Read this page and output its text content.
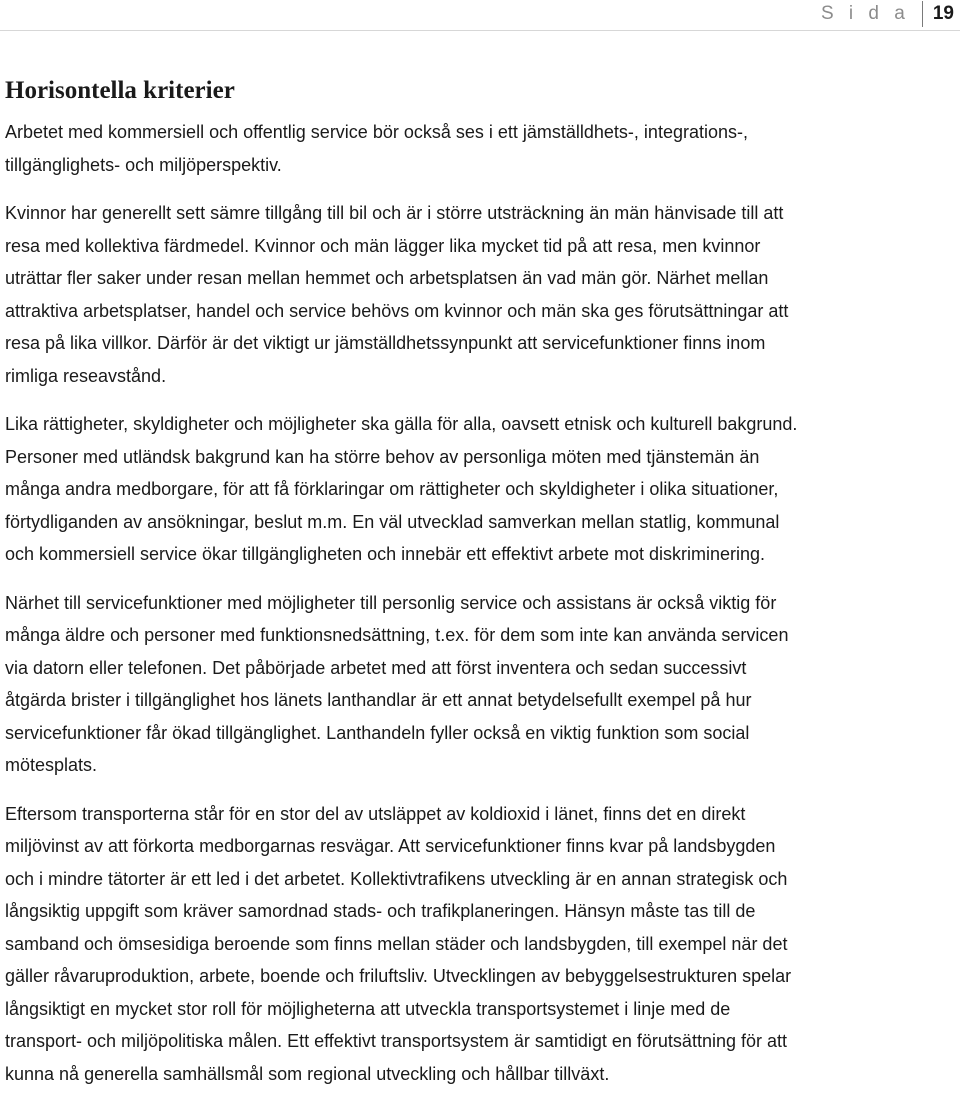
S i d a	19
Horisontella kriterier

Arbetet med kommersiell och offentlig service bör också ses i ett jämställdhets-, integrations-,

tillgänglighets- och miljöperspektiv.

Kvinnor har generellt sett sämre tillgång till bil och är i större utsträckning än män hänvisade till att

resa med kollektiva färdmedel. Kvinnor och män lägger lika mycket tid på att resa, men kvinnor

uträttar fler saker under resan mellan hemmet och arbetsplatsen än vad män gör. Närhet mellan

attraktiva arbetsplatser, handel och service behövs om kvinnor och män ska ges förutsättningar att

resa på lika villkor. Därför är det viktigt ur jämställdhetssynpunkt att servicefunktioner finns inom

rimliga reseavstånd.

Lika rättigheter, skyldigheter och möjligheter ska gälla för alla, oavsett etnisk och kulturell bakgrund.

Personer med utländsk bakgrund kan ha större behov av personliga möten med tjänstemän än

många andra medborgare, för att få förklaringar om rättigheter och skyldigheter i olika situationer,

förtydliganden av ansökningar, beslut m.m. En väl utvecklad samverkan mellan statlig, kommunal

och kommersiell service ökar tillgängligheten och innebär ett effektivt arbete mot diskriminering.

Närhet till servicefunktioner med möjligheter till personlig service och assistans är också viktig för

många äldre och personer med funktionsnedsättning, t.ex. för dem som inte kan använda servicen

via datorn eller telefonen. Det påbörjade arbetet med att först inventera och sedan successivt

åtgärda brister i tillgänglighet hos länets lanthandlar är ett annat betydelsefullt exempel på hur

servicefunktioner får ökad tillgänglighet. Lanthandeln fyller också en viktig funktion som social

mötesplats.

Eftersom transporterna står för en stor del av utsläppet av koldioxid i länet, finns det en direkt

miljövinst av att förkorta medborgarnas resvägar. Att servicefunktioner finns kvar på landsbygden

och i mindre tätorter är ett led i det arbetet. Kollektivtrafikens utveckling är en annan strategisk och

långsiktig uppgift som kräver samordnad stads- och trafikplaneringen. Hänsyn måste tas till de

samband och ömsesidiga beroende som finns mellan städer och landsbygden, till exempel när det

gäller råvaruproduktion, arbete, boende och friluftsliv. Utvecklingen av bebyggelsestrukturen spelar

långsiktigt en mycket stor roll för möjligheterna att utveckla transportsystemet i linje med de

transport- och miljöpolitiska målen. Ett effektivt transportsystem är samtidigt en förutsättning för att

kunna nå generella samhällsmål som regional utveckling och hållbar tillväxt.
